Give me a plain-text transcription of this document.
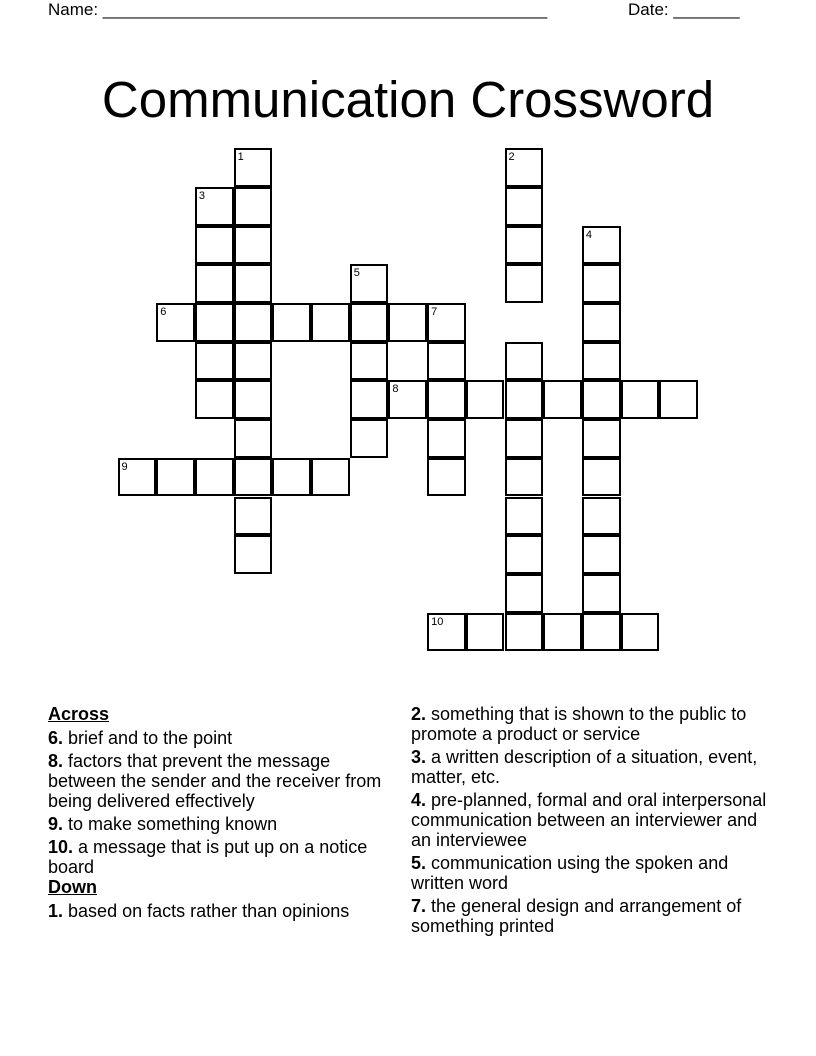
Name: _______________________________________________	Date: _______
Communication Crossword
1
3
6
5
7
8
2
4
9
10
Across
6. brief and to the point
8. factors that prevent the message between the sender and the receiver from being delivered effectively
9. to make something known
10. a message that is put up on a notice board
Down
1. based on facts rather than opinions
2. something that is shown to the public to promote a product or service
3. a written description of a situation, event, matter, etc.
4. pre-planned, formal and oral interpersonal communication between an interviewer and an interviewee
5. communication using the spoken and written word
7. the general design and arrangement of something printed
